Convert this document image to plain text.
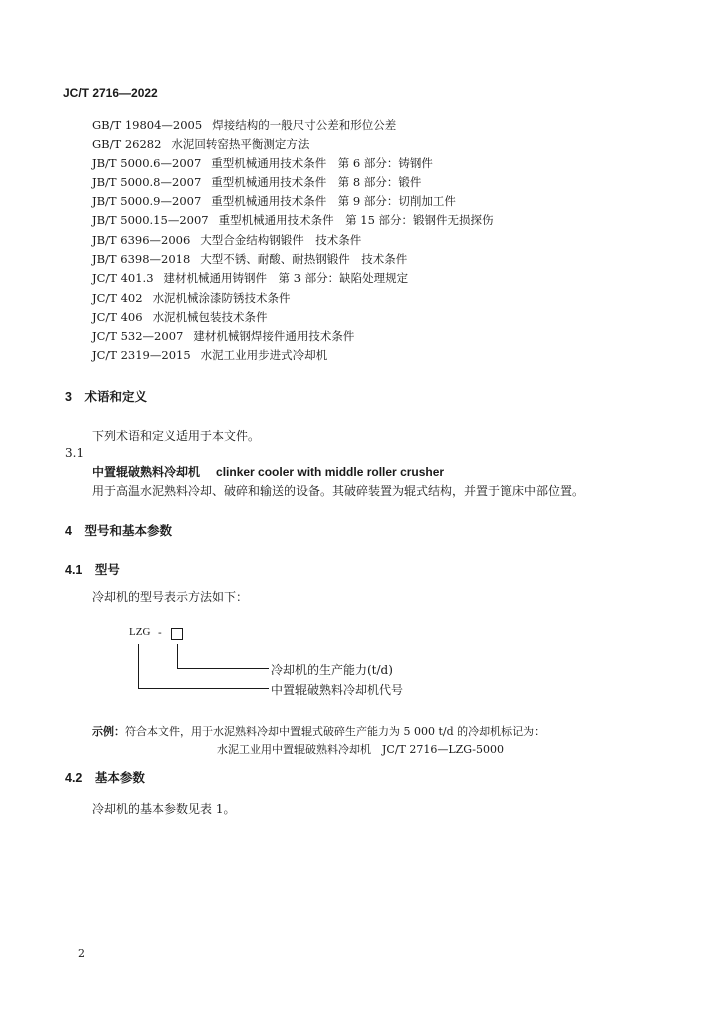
JC/T 2716—2022
GB/T 19804—2005 焊接结构的一般尺寸公差和形位公差
GB/T 26282 水泥回转窑热平衡测定方法
JB/T 5000.6—2007 重型机械通用技术条件　第 6 部分：铸钢件
JB/T 5000.8—2007 重型机械通用技术条件　第 8 部分：锻件
JB/T 5000.9—2007 重型机械通用技术条件　第 9 部分：切削加工件
JB/T 5000.15—2007 重型机械通用技术条件　第 15 部分：锻钢件无损探伤
JB/T 6396—2006 大型合金结构钢锻件　技术条件
JB/T 6398—2018 大型不锈、耐酸、耐热钢锻件　技术条件
JC/T 401.3 建材机械通用铸钢件　第 3 部分：缺陷处理规定
JC/T 402 水泥机械涂漆防锈技术条件
JC/T 406 水泥机械包装技术条件
JC/T 532—2007 建材机械钢焊接件通用技术条件
JC/T 2319—2015 水泥工业用步进式冷却机
3　术语和定义
下列术语和定义适用于本文件。
3.1
中置辊破熟料冷却机 clinker cooler with middle roller crusher
用于高温水泥熟料冷却、破碎和输送的设备。其破碎装置为辊式结构，并置于篦床中部位置。
4　型号和基本参数
4.1　型号
冷却机的型号表示方法如下：
LZG -
冷却机的生产能力(t/d)
中置辊破熟料冷却机代号
示例：符合本文件，用于水泥熟料冷却中置辊式破碎生产能力为 5 000 t/d 的冷却机标记为：
水泥工业用中置辊破熟料冷却机　JC/T 2716—LZG-5000
4.2　基本参数
冷却机的基本参数见表 1。
2
